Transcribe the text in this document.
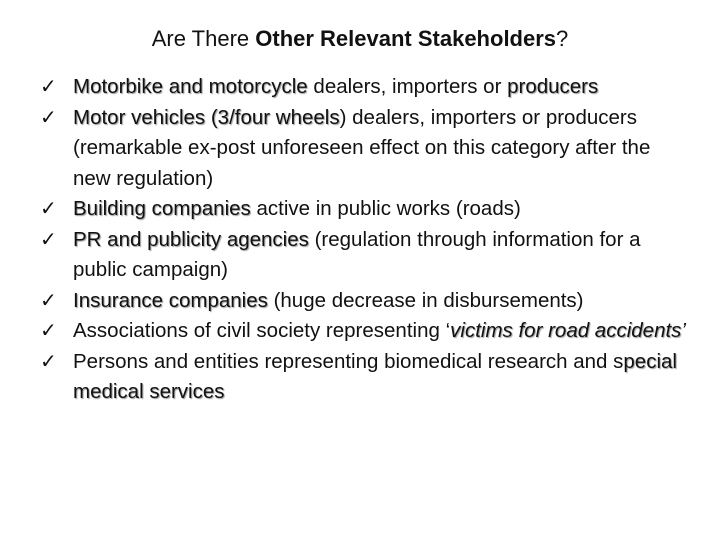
Are There Other Relevant Stakeholders?
✓ Motorbike and motorcycle dealers, importers or producers
✓ Motor vehicles (3/four wheels) dealers, importers or producers (remarkable ex-post unforeseen effect on this category after the new regulation)
✓ Building companies active in public works (roads)
✓ PR and publicity agencies (regulation through information for a public campaign)
✓ Insurance companies (huge decrease in disbursements)
✓ Associations of civil society representing ‘victims for road accidents’
✓ Persons and entities representing biomedical research and special medical services
